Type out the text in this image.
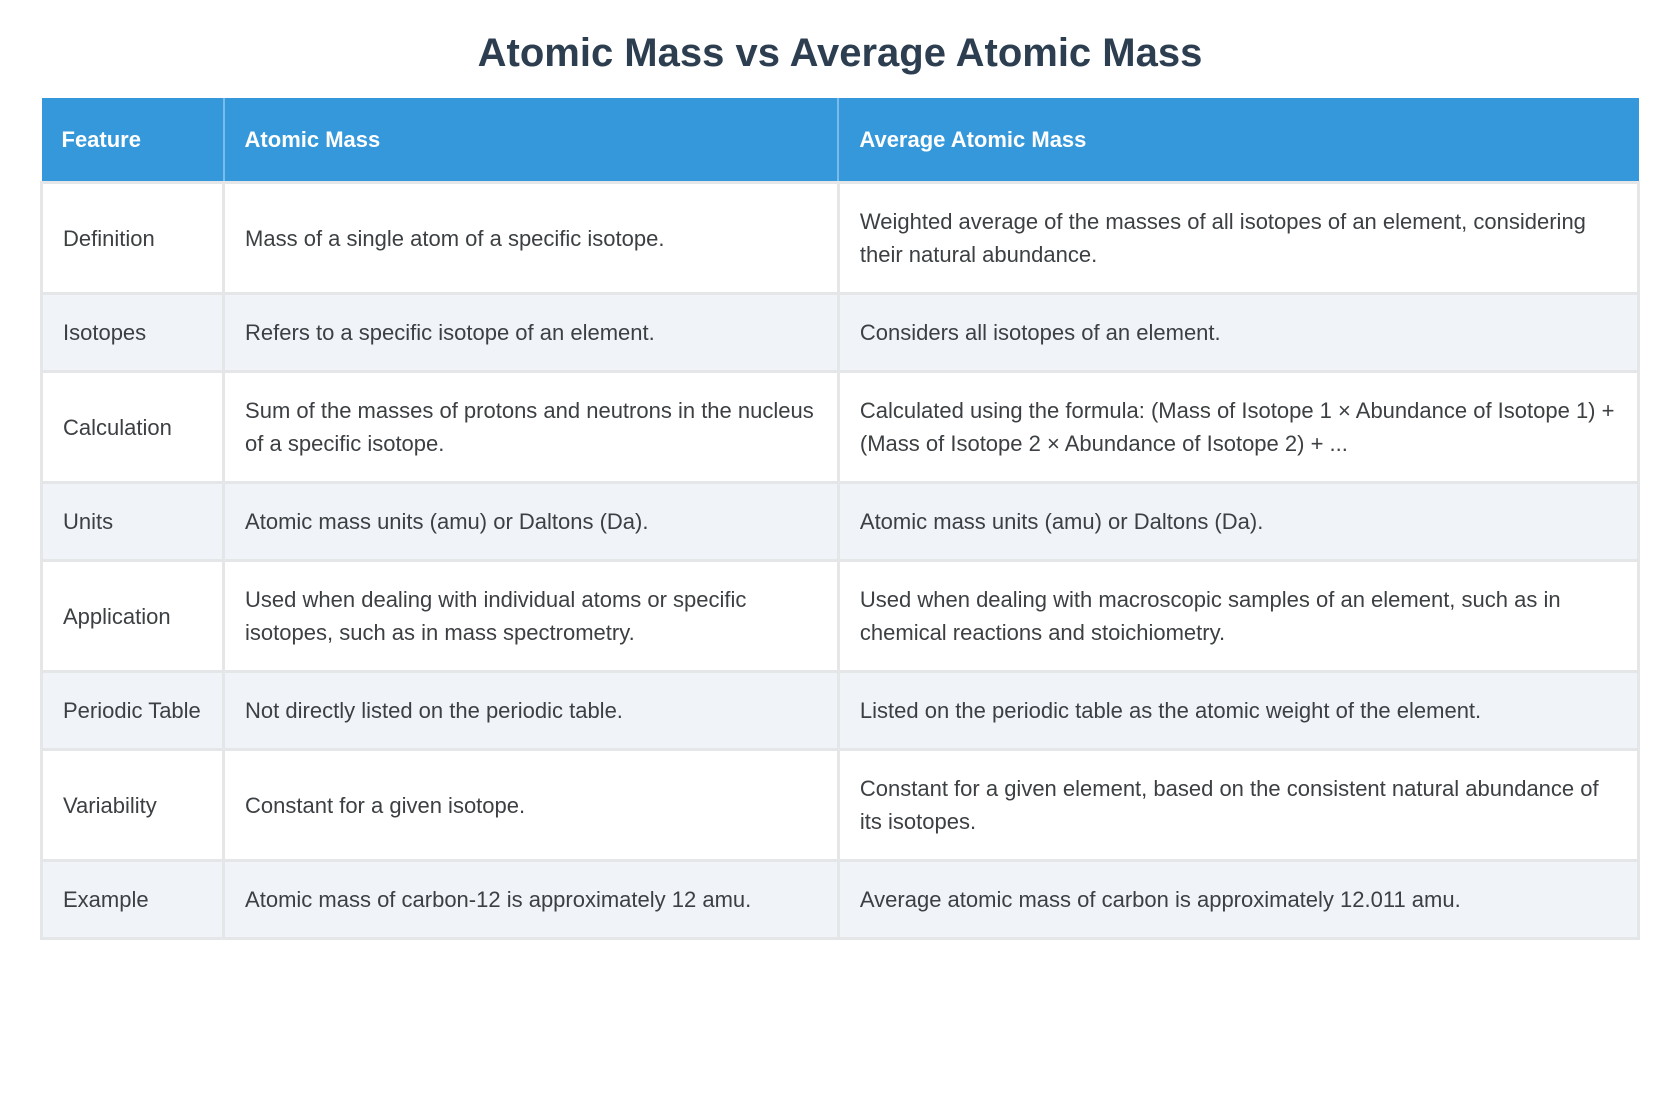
Atomic Mass vs Average Atomic Mass
Feature	Atomic Mass	Average Atomic Mass
Definition	Mass of a single atom of a specific isotope.	Weighted average of the masses of all isotopes of an element, considering their natural abundance.
Isotopes	Refers to a specific isotope of an element.	Considers all isotopes of an element.
Calculation	Sum of the masses of protons and neutrons in the nucleus of a specific isotope.	Calculated using the formula: (Mass of Isotope 1 × Abundance of Isotope 1) + (Mass of Isotope 2 × Abundance of Isotope 2) + ...
Units	Atomic mass units (amu) or Daltons (Da).	Atomic mass units (amu) or Daltons (Da).
Application	Used when dealing with individual atoms or specific isotopes, such as in mass spectrometry.	Used when dealing with macroscopic samples of an element, such as in chemical reactions and stoichiometry.
Periodic Table	Not directly listed on the periodic table.	Listed on the periodic table as the atomic weight of the element.
Variability	Constant for a given isotope.	Constant for a given element, based on the consistent natural abundance of its isotopes.
Example	Atomic mass of carbon-12 is approximately 12 amu.	Average atomic mass of carbon is approximately 12.011 amu.
